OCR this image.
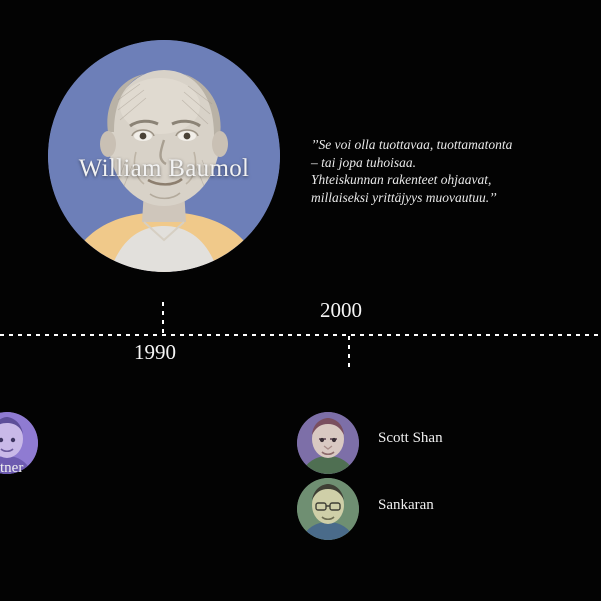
William Baumol
’’Se voi olla tuottavaa, tuottamatonta
– tai jopa tuhoisaa.
Yhteiskunnan rakenteet ohjaavat,
millaiseksi yrittäjyys muovautuu.’’
1990
2000
tner
Scott Shan
Sankaran
